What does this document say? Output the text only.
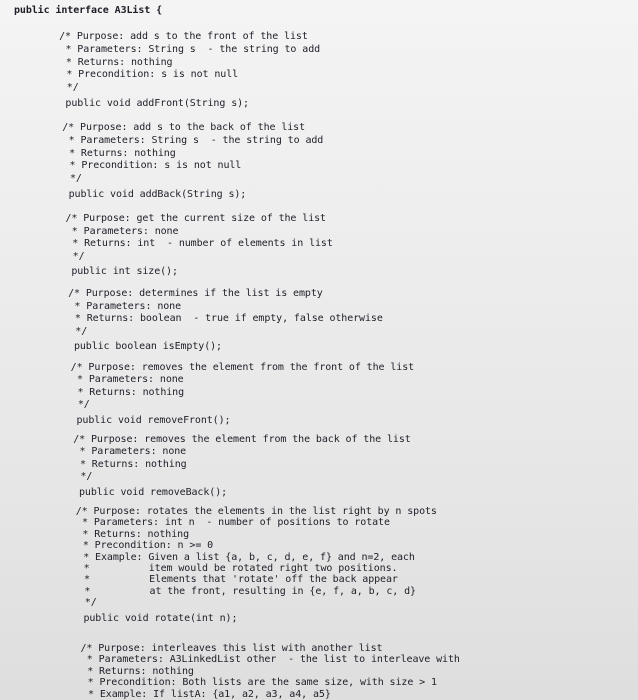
public interface A3List {
/* Purpose: add s to the front of the list
* Parameters: String s  - the string to add
* Returns: nothing
* Precondition: s is not null
*/
public void addFront(String s);
/* Purpose: add s to the back of the list
* Parameters: String s  - the string to add
* Returns: nothing
* Precondition: s is not null
*/
public void addBack(String s);
/* Purpose: get the current size of the list
* Parameters: none
* Returns: int  - number of elements in list
*/
public int size();
/* Purpose: determines if the list is empty
* Parameters: none
* Returns: boolean  - true if empty, false otherwise
*/
public boolean isEmpty();
/* Purpose: removes the element from the front of the list
* Parameters: none
* Returns: nothing
*/
public void removeFront();
/* Purpose: removes the element from the back of the list
* Parameters: none
* Returns: nothing
*/
public void removeBack();
/* Purpose: rotates the elements in the list right by n spots
* Parameters: int n  - number of positions to rotate
* Returns: nothing
* Precondition: n >= 0
* Example: Given a list {a, b, c, d, e, f} and n=2, each
*          item would be rotated right two positions.
*          Elements that 'rotate' off the back appear
*          at the front, resulting in {e, f, a, b, c, d}
*/
public void rotate(int n);
/* Purpose: interleaves this list with another list
* Parameters: A3LinkedList other  - the list to interleave with
* Returns: nothing
* Precondition: Both lists are the same size, with size > 1
* Example: If listA: {a1, a2, a3, a4, a5}
